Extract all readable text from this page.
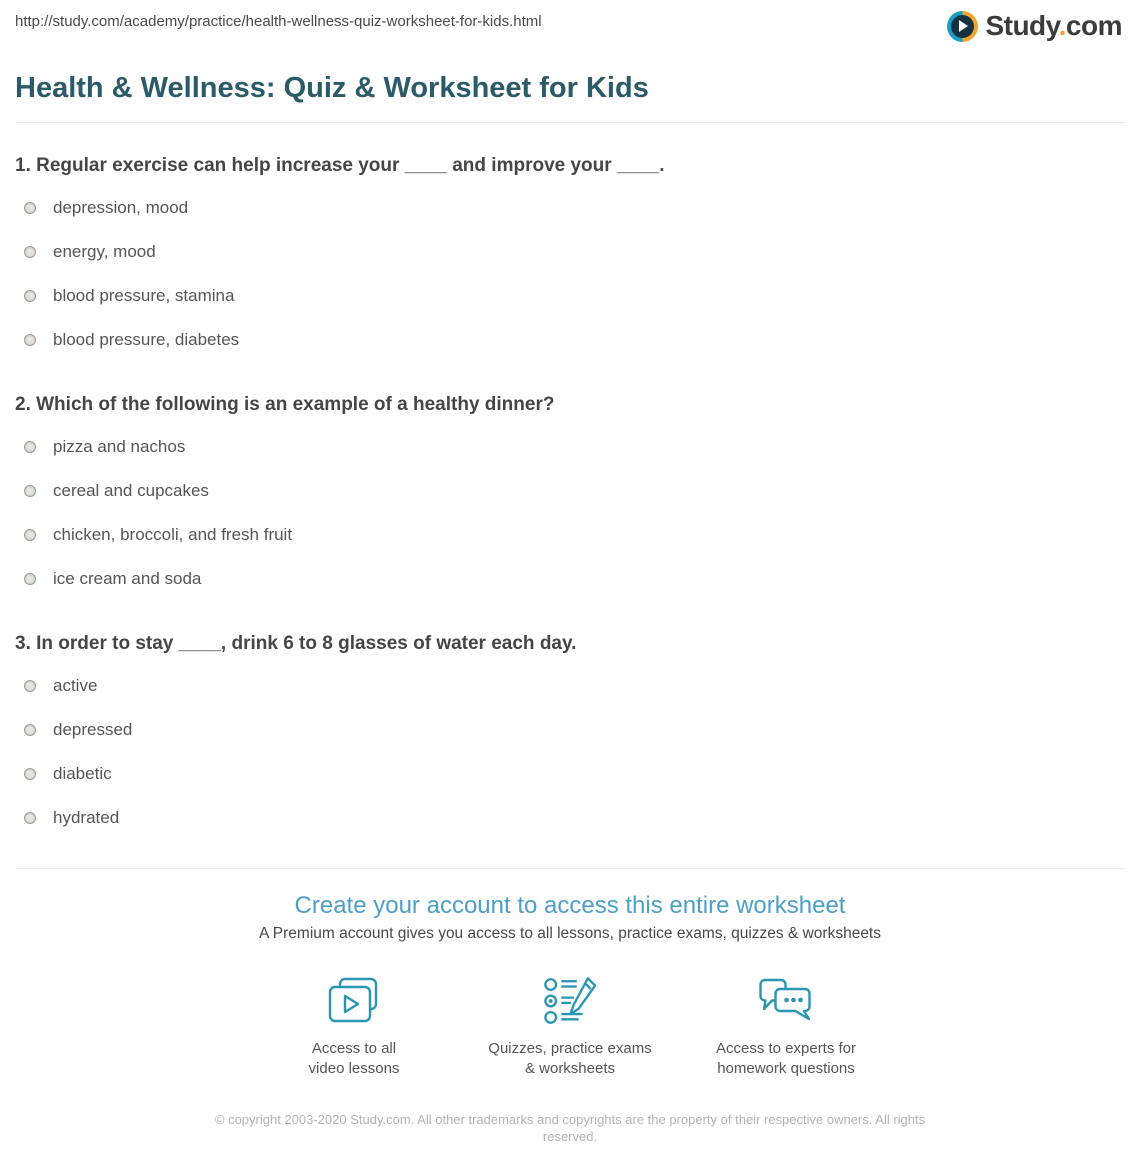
http://study.com/academy/practice/health-wellness-quiz-worksheet-for-kids.html	Study.com
Health & Wellness: Quiz & Worksheet for Kids
1. Regular exercise can help increase your ____ and improve your ____.
depression, mood
energy, mood
blood pressure, stamina
blood pressure, diabetes
2. Which of the following is an example of a healthy dinner?
pizza and nachos
cereal and cupcakes
chicken, broccoli, and fresh fruit
ice cream and soda
3. In order to stay ____, drink 6 to 8 glasses of water each day.
active
depressed
diabetic
hydrated
Create your account to access this entire worksheet
A Premium account gives you access to all lessons, practice exams, quizzes & worksheets
Access to all
video lessons
Quizzes, practice exams
& worksheets
Access to experts for
homework questions
© copyright 2003-2020 Study.com. All other trademarks and copyrights are the property of their respective owners. All rights reserved.
